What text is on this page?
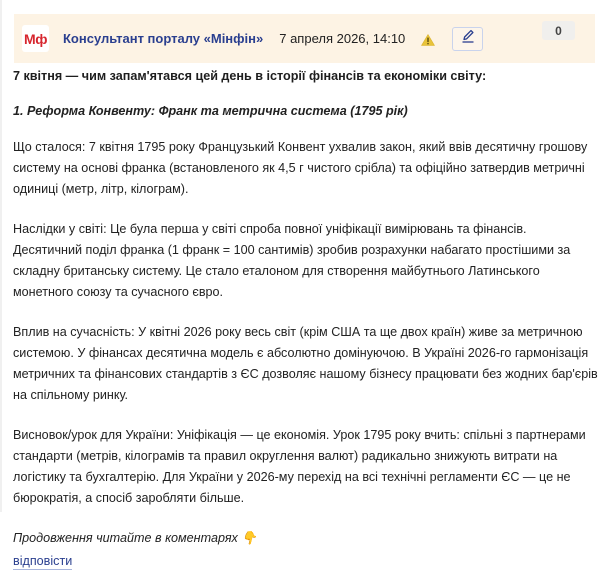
Мф Консультант порталу «Мінфін» 7 апреля 2026, 14:10
0

7 квітня — чим запам'ятався цей день в історії фінансів та економіки світу:

1. Реформа Конвенту: Франк та метрична система (1795 рік)

Що сталося: 7 квітня 1795 року Французький Конвент ухвалив закон, який ввів десятичну грошову систему на основі франка (встановленого як 4,5 г чистого срібла) та офіційно затвердив метричні одиниці (метр, літр, кілограм).

Наслідки у світі: Це була перша у світі спроба повної уніфікації вимірювань та фінансів. Десятичний поділ франка (1 франк = 100 сантимів) зробив розрахунки набагато простішими за складну британську систему. Це стало еталоном для створення майбутнього Латинського монетного союзу та сучасного євро.

Вплив на сучасність: У квітні 2026 року весь світ (крім США та ще двох країн) живе за метричною системою. У фінансах десятична модель є абсолютно домінуючою. В Україні 2026-го гармонізація метричних та фінансових стандартів з ЄС дозволяє нашому бізнесу працювати без жодних бар'єрів на спільному ринку.

Висновок/урок для України: Уніфікація — це економія. Урок 1795 року вчить: спільні з партнерами стандарти (метрів, кілограмів та правил округлення валют) радикально знижують витрати на логістику та бухгалтерію. Для України у 2026-му перехід на всі технічні регламенти ЄС — це не бюрократія, а спосіб заробляти більше.

Продовження читайте в коментарях 👇

відповісти
